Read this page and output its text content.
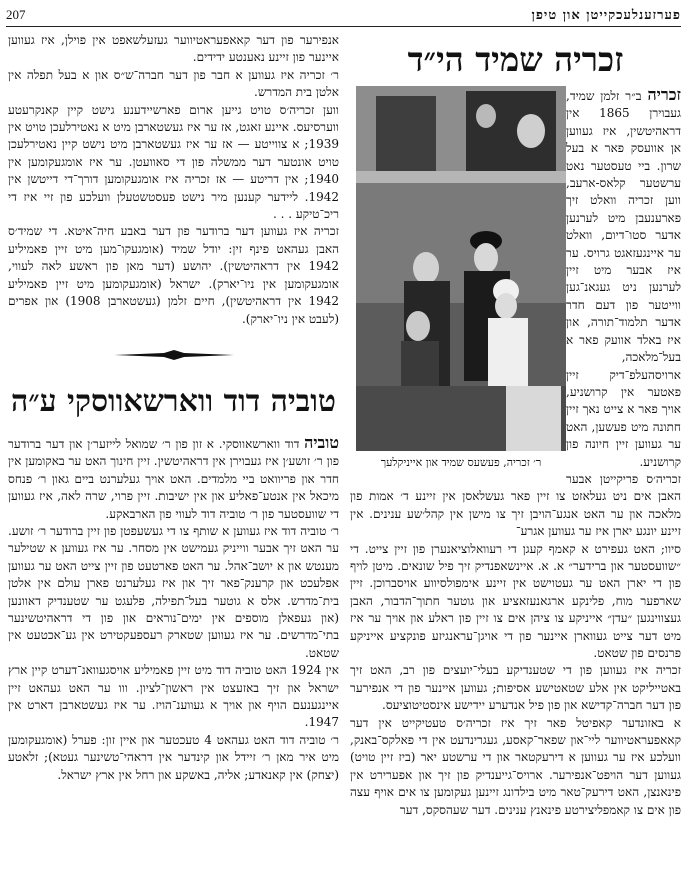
207	פערזענלעכקייטן און טיפן
זכריה שמיד הי״ד
ר׳ זכריה, פעשעס שמיד און אייניקלעך

זכריה ב״ר זלמן שמיד, געבוירן 1865 אין דראהיטשין, איז געווען אן אוועסק פאר א בעל שרון. ביי טעסטער נאט ערשטער קלאס-ארעב, ווען זכריה וואלט זיך פארענעבן מיט לערנען אדער סטו־דיום, וואלט ער איינגעזאגט גרויס. ער איז אבער מיט זיין לערנען ניט געגאנ־גען ווייטער פון דעם חדר אדער תלמוד־תורה, און איז באלד אוועק פאר א בעל־מלאכה, ארויסהעלפ־דיק זיין פאטער אין קרושניע, אויך פאר א צייט נאך זיין חתונה מיט פעשען, האט ער געווען זיין חיונה פון קרושניע.

זכריה׳ס פריקייטן אבער האבן אים ניט געלאזט צו זיין פאר געשלאסן אין זיינע ד׳ אמות פון מלאכה און ער האט אנגע־הויבן זיך צו מישן אין קהל׳שע ענינים. אין זיינע יונגע יארן איז ער געווען אגרע־

סיוו; האט געפירט א קאמף קעגן די רעוואלוציאנערן פון זיין צייט. די ״שוועסטער און ברידער״ א. א. איינשאפנדיק זיך פיל שונאים. מיטן לויף פון די יארן האט ער געטוישט אין זיינע אימפולסיווע אויסברוכן. זיין שארפער מוח, פלינקע ארגאנעזאציע און גוטער חתוך־הדבור, האבן געצווינגען ״עדן״ אייניקע צו ציהן אים צו זיין פון ראלע און אויך ער איז מיט דער צייט געווארן איינער פון די אויגן־עראנגיזע פונקציע אייניקע פרנסים פון שטאט.

זכריה איז געווען פון די שטענדיקע בעלי־יועצים פון רב, האט זיך באטייליקט אין אלע שטאטישע אסיפות; געווען איינער פון די אנפירער פון דער חברה־קדישא און פון פיל אנדערע יידישע אינסטיטוציעס.

א באזונדער קאפיטל פאר זיך איז זכריה׳ס טעטיקייט אין דער קאאפעראטיווער ליי־און שפאר־קאסע, געגרינדעט אין די פאלקס־באנק, וועלכע איז ער געווען א דירעקטאר און די ערשטע יאר (ביז זיין טויט) געווען דער הויפט־אנפירער. ארויס־גייענדיק פון זיך און אפערירט אין פינאנצן, האט דירעק־טאר מיט בילדונג זיינען געקומען צו אים אויף עצה פון אים צו קאמפליצירטע פינאנץ ענינים. דער שעהסקס, דער

אנפירער פון דער קאאפעראטיווער געזעלשאפט אין פוילן, איז געווען איינער פון זיינע נאענטע ידידים.

ר׳ זכריה איז געווען א חבר פון דער חברה־ש״ס און א בעל תפלה אין אלטן בית המדרש.

ווען זכריה׳ס טויט גייען ארום פארשיידענע גישט קיין קאנקרעטע ווערסיעס. איינע זאגט, אז ער איז געשטארבן מיט א נאטירלעכן טויט אין 1939; א צווייטע — אז ער איז געשטארבן מיט נישט קיין נאטירלעכן טויט אונטער דער ממשלה פון די סאוועטן. ער איז אומגעקומען אין 1940; אין דריטע — אז זכריה איז אומגעקומען דורך־די דייטשן אין 1942. ליידער קענען מיר נישט פעסטשטעלן וועלכע פון זיי איז די ריכ־טיקע . . .

זכריה איז געווען דער ברודער פון דער באבע חיה־איטא. די שמיד׳ס האבן געהאט פינף זין: יודל שמיד (אומגעקו־מען מיט זיין פאמיליע 1942 אין דראהיטשין). יהושע (דער מאן פון ראשע לאה לעווי, אומגעקומען אין ניו־יארק). ישראל (אומגעקומען מיט זיין פאמיליע 1942 אין דראהיטשין), חיים זלמן (געשטארבן 1908) און אפרים (לעבט אין ניו־יארק).

טוביה דוד ווארשאווסקי ע״ה

טוביה דוד ווארשאווסקי. א זון פון ר׳ שמואל לייזער׳ן און דער ברודער פון ר׳ זושע׳ן איז געבוירן אין דראהיטשין. זיין חינוך האט ער באקומען אין חדר און פריוואט ביי מלמדים. האט אויך געלערנט ביים גאון ר׳ פנחס מיכאל אין אנטע־פאליע און אין ישיבות. זיין פרוי, שרה לאה, איז געווען די שוועסטער פון ר׳ טוביה דוד לעווי פון הארבאקע.

ר׳ טוביה דוד איז געווען א שותף צו די געשעפטן פון זיין ברודער ר׳ זושע. ער האט זיך אבער ווייניק געמישט אין מסחר. ער איז געווען א שטילער מענטש און א יושב־אהל. ער האט פארטעט פון זיין צייט האט ער געווען אפלעכט און קרענק־פאר זיך און איז געלערנט פארן עולם אין אלטן בית־מדרש. אלס א גוטער בעל־תפילה, פלעגט ער שטענדיק דאוונען (און געפאלן מוספים אין ימים־נוראים און פון די דראהיטשינער בתי־מדרשים. ער איז געווען שטארק רעספעקטירט אין גע־אכטעט אין שטאט.

אין 1924 האט טוביה דוד מיט זיין פאמיליע אויסגעוואנ־דערט קיין ארץ ישראל און זיך באזעצט אין ראשון־לציון. ווו ער האט געהאט זיין איינגענעם הויף און אויך א געווענ־הויז. ער איז געשטארבן דארט אין 1947.

ר׳ טוביה דוד האט געהאט 4 טעכטער און איין זון: פערל (אומגעקומען מיט איר מאן ר׳ זיידל און קינדער אין דראהי־טשינער געטא); זלאטע (יצחק) אין קאנאדע; אליה, באשקע און רחל אין ארץ ישראל.
